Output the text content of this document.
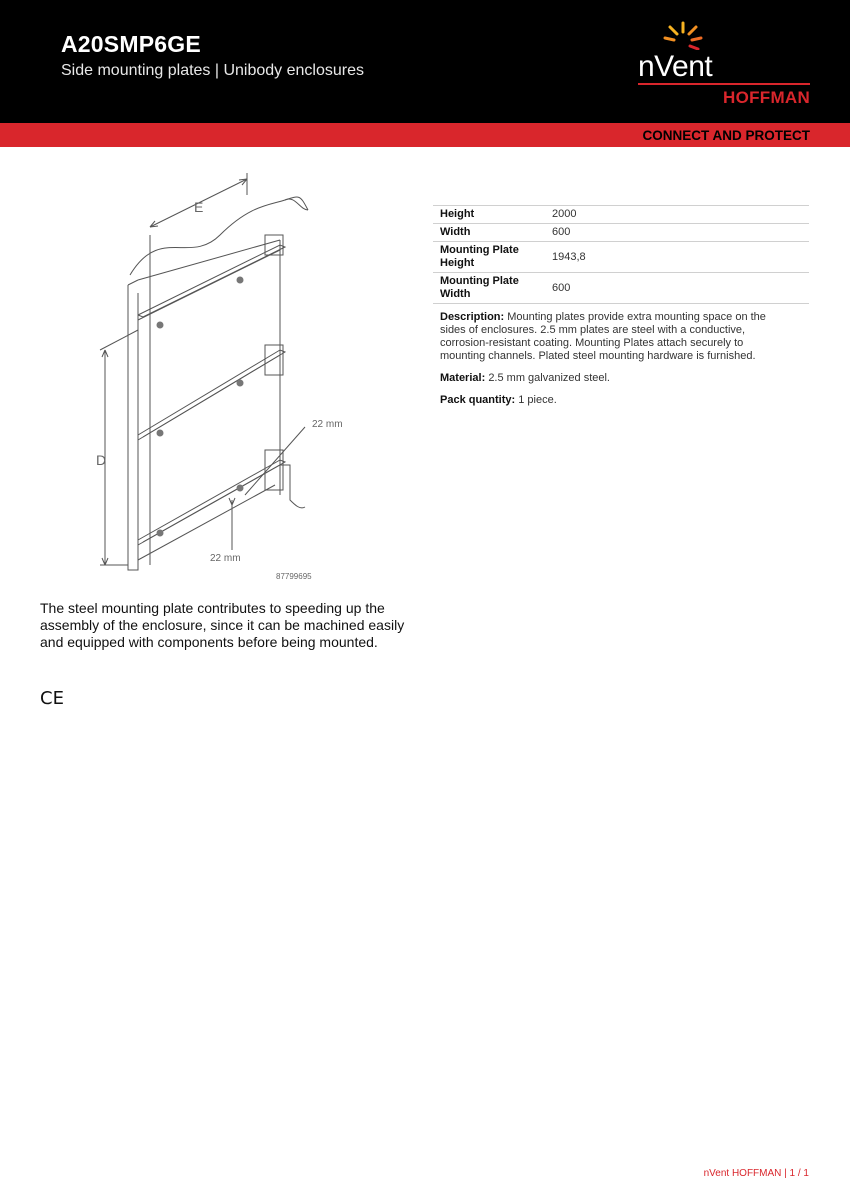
A20SMP6GE
Side mounting plates | Unibody enclosures	nVent
HOFFMAN
CONNECT AND PROTECT
E
D
22 mm
22 mm
87799695
Height	2000
Width	600
Mounting Plate Height	1943,8
Mounting Plate Width	600

Description: Mounting plates provide extra mounting space on the sides of enclosures. 2.5 mm plates are steel with a conductive, corrosion-resistant coating. Mounting Plates attach securely to mounting channels. Plated steel mounting hardware is furnished.

Material: 2.5 mm galvanized steel.

Pack quantity: 1 piece.

The steel mounting plate contributes to speeding up the assembly of the enclosure, since it can be machined easily and equipped with components before being mounted.
CE
nVent HOFFMAN | 1 / 1
